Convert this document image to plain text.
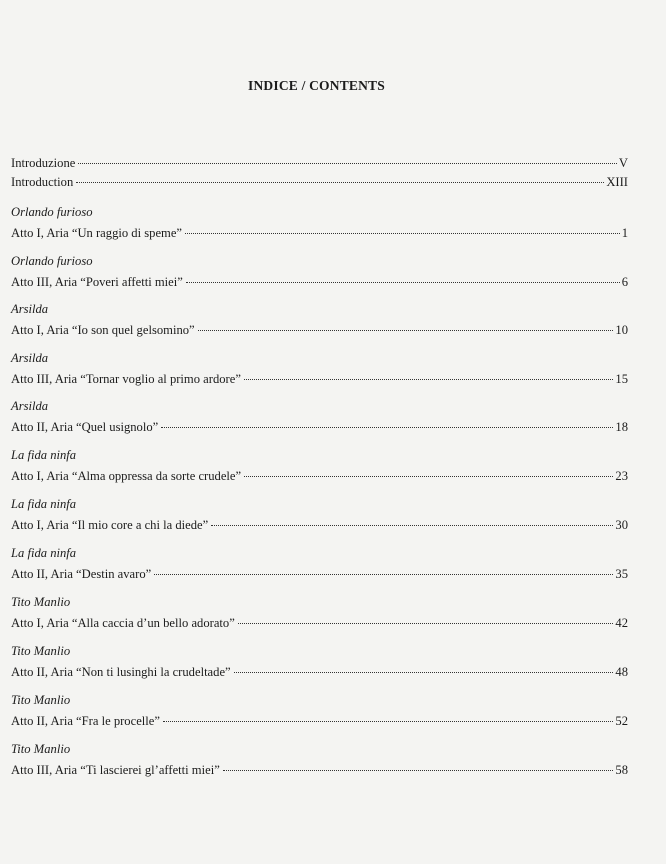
INDICE / CONTENTS
Introduzione	V
Introduction	XIII
Orlando furioso
Atto I, Aria “Un raggio di speme”	1
Orlando furioso
Atto III, Aria “Poveri affetti miei”	6
Arsilda
Atto I, Aria “Io son quel gelsomino”	10
Arsilda
Atto III, Aria “Tornar voglio al primo ardore”	15
Arsilda
Atto II, Aria “Quel usignolo”	18
La fida ninfa
Atto I, Aria “Alma oppressa da sorte crudele”	23
La fida ninfa
Atto I, Aria “Il mio core a chi la diede”	30
La fida ninfa
Atto II, Aria “Destin avaro”	35
Tito Manlio
Atto I, Aria “Alla caccia d’un bello adorato”	42
Tito Manlio
Atto II, Aria “Non ti lusinghi la crudeltade”	48
Tito Manlio
Atto II, Aria “Fra le procelle”	52
Tito Manlio
Atto III, Aria “Ti lascierei gl’affetti miei”	58
